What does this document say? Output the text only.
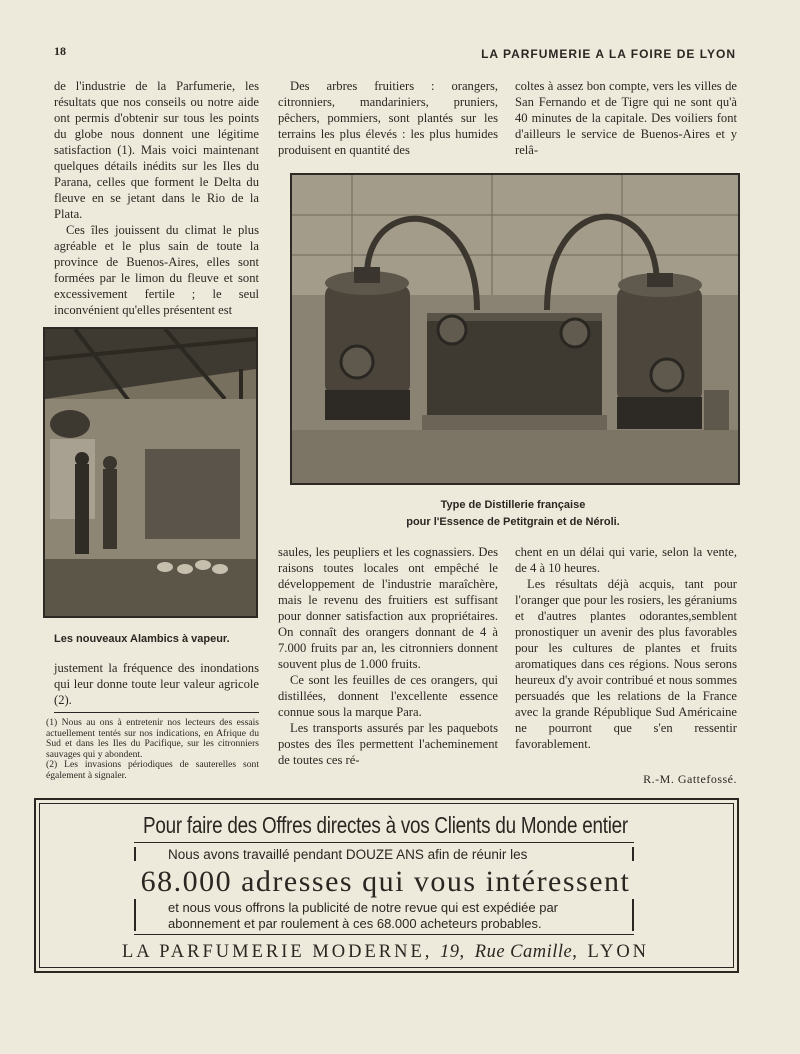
18	LA PARFUMERIE A LA FOIRE DE LYON

de l'industrie de la Parfumerie, les résultats que nos conseils ou notre aide ont permis d'obtenir sur tous les points du globe nous donnent une légitime satisfaction (1). Mais voici maintenant quelques détails inédits sur les Iles du Parana, celles que forment le Delta du fleuve en se jetant dans le Rio de la Plata.

Ces îles jouissent du climat le plus agréable et le plus sain de toute la province de Buenos-Aires, elles sont formées par le limon du fleuve et sont excessivement fertile ; le seul inconvénient qu'elles présentent est

Les nouveaux Alambics à vapeur.

justement la fréquence des inondations qui leur donne toute leur valeur agricole (2).

(1) Nous au ons à entretenir nos lecteurs des essais actuellement tentés sur nos indications, en Afrique du Sud et dans les Iles du Pacifique, sur les citronniers sauvages qui y abondent.

(2) Les invasions périodiques de sauterelles sont également à signaler.

Des arbres fruitiers : orangers, citronniers, mandariniers, pruniers, pêchers, pommiers, sont plantés sur les terrains les plus élevés : les plus humides produisent en quantité des

coltes à assez bon compte, vers les villes de San Fernando et de Tigre qui ne sont qu'à 40 minutes de la capitale. Des voiliers font d'ailleurs le service de Buenos-Aires et y relâ-

Type de Distillerie française
pour l'Essence de Petitgrain et de Néroli.

saules, les peupliers et les cognassiers. Des raisons toutes locales ont empêché le développement de l'industrie maraîchère, mais le revenu des fruitiers est suffisant pour donner satisfaction aux propriétaires. On connaît des orangers donnant de 4 à 7.000 fruits par an, les citronniers donnent souvent plus de 1.000 fruits.

Ce sont les feuilles de ces orangers, qui distillées, donnent l'excellente essence connue sous la marque Para.

Les transports assurés par les paquebots postes des îles permettent l'acheminement de toutes ces ré-

chent en un délai qui varie, selon la vente, de 4 à 10 heures.

Les résultats déjà acquis, tant pour l'oranger que pour les rosiers, les géraniums et d'autres plantes odorantes,semblent pronostiquer un avenir des plus favorables pour les cultures de plantes et fruits aromatiques dans ces régions. Nous serons heureux d'y avoir contribué et nous sommes persuadés que les relations de la France avec la grande République Sud Américaine ne pourront que s'en ressentir favorablement.

R.-M. Gattefossé.
Pour faire des Offres directes à vos Clients du Monde entier
Nous avons travaillé pendant DOUZE ANS afin de réunir les
68.000 adresses qui vous intéressent
et nous vous offrons la publicité de notre revue qui est expédiée par
abonnement et par roulement à ces 68.000 acheteurs probables.
LA PARFUMERIE MODERNE, 19, Rue Camille, LYON
